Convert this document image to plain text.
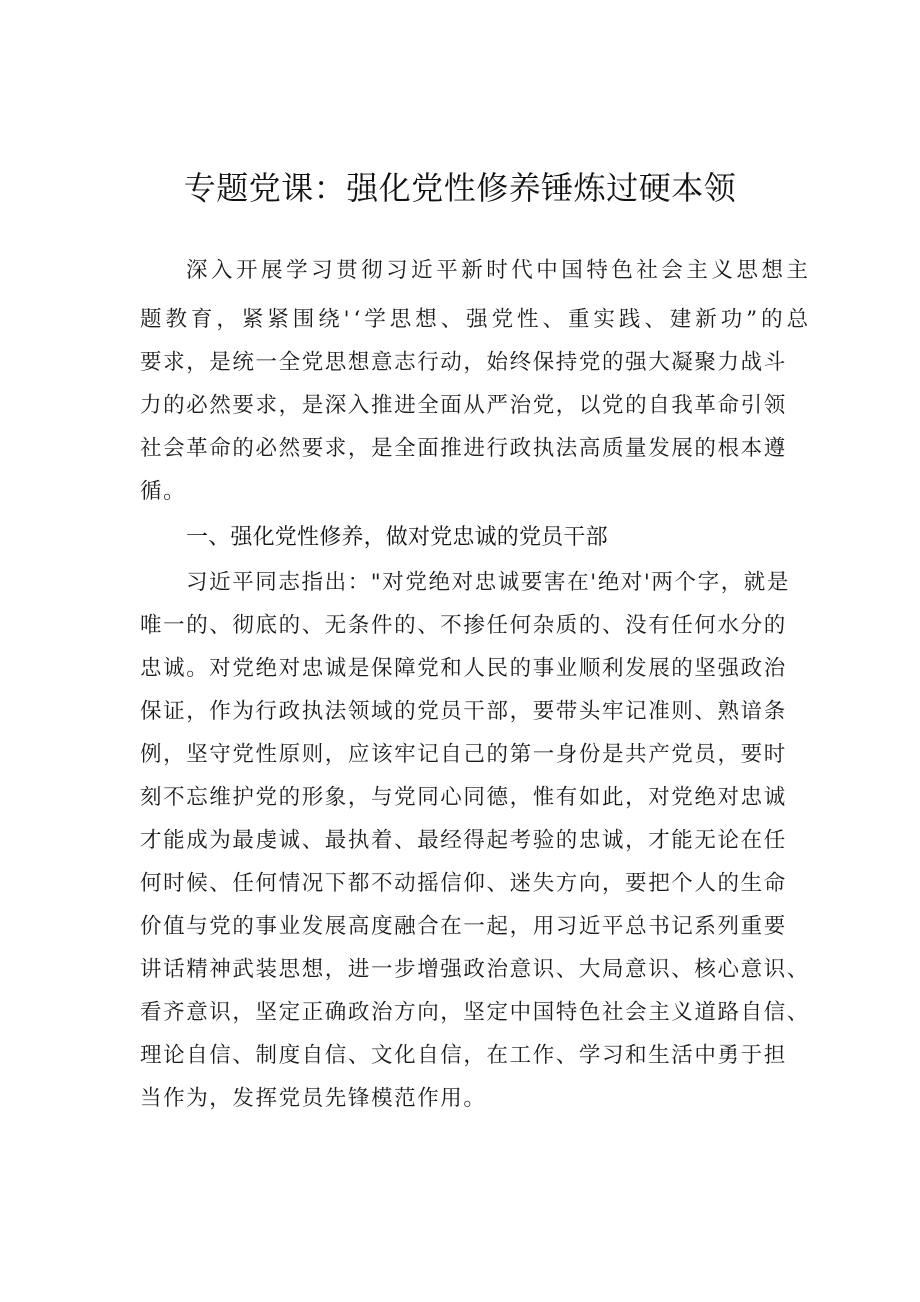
专题党课：强化党性修养锤炼过硬本领
深入开展学习贯彻习近平新时代中国特色社会主义思想主
题教育，紧紧围绕'‘学思想、强党性、重实践、建新功”的总
要求，是统一全党思想意志行动，始终保持党的强大凝聚力战斗
力的必然要求，是深入推进全面从严治党，以党的自我革命引领
社会革命的必然要求，是全面推进行政执法高质量发展的根本遵
循。
一、强化党性修养，做对党忠诚的党员干部
习近平同志指出："对党绝对忠诚要害在'绝对'两个字，就是
唯一的、彻底的、无条件的、不掺任何杂质的、没有任何水分的
忠诚。对党绝对忠诚是保障党和人民的事业顺利发展的坚强政治
保证，作为行政执法领域的党员干部，要带头牢记准则、熟谙条
例，坚守党性原则，应该牢记自己的第一身份是共产党员，要时
刻不忘维护党的形象，与党同心同德，惟有如此，对党绝对忠诚
才能成为最虔诚、最执着、最经得起考验的忠诚，才能无论在任
何时候、任何情况下都不动摇信仰、迷失方向，要把个人的生命
价值与党的事业发展高度融合在一起，用习近平总书记系列重要
讲话精神武装思想，进一步增强政治意识、大局意识、核心意识、
看齐意识，坚定正确政治方向，坚定中国特色社会主义道路自信、
理论自信、制度自信、文化自信，在工作、学习和生活中勇于担
当作为，发挥党员先锋模范作用。
